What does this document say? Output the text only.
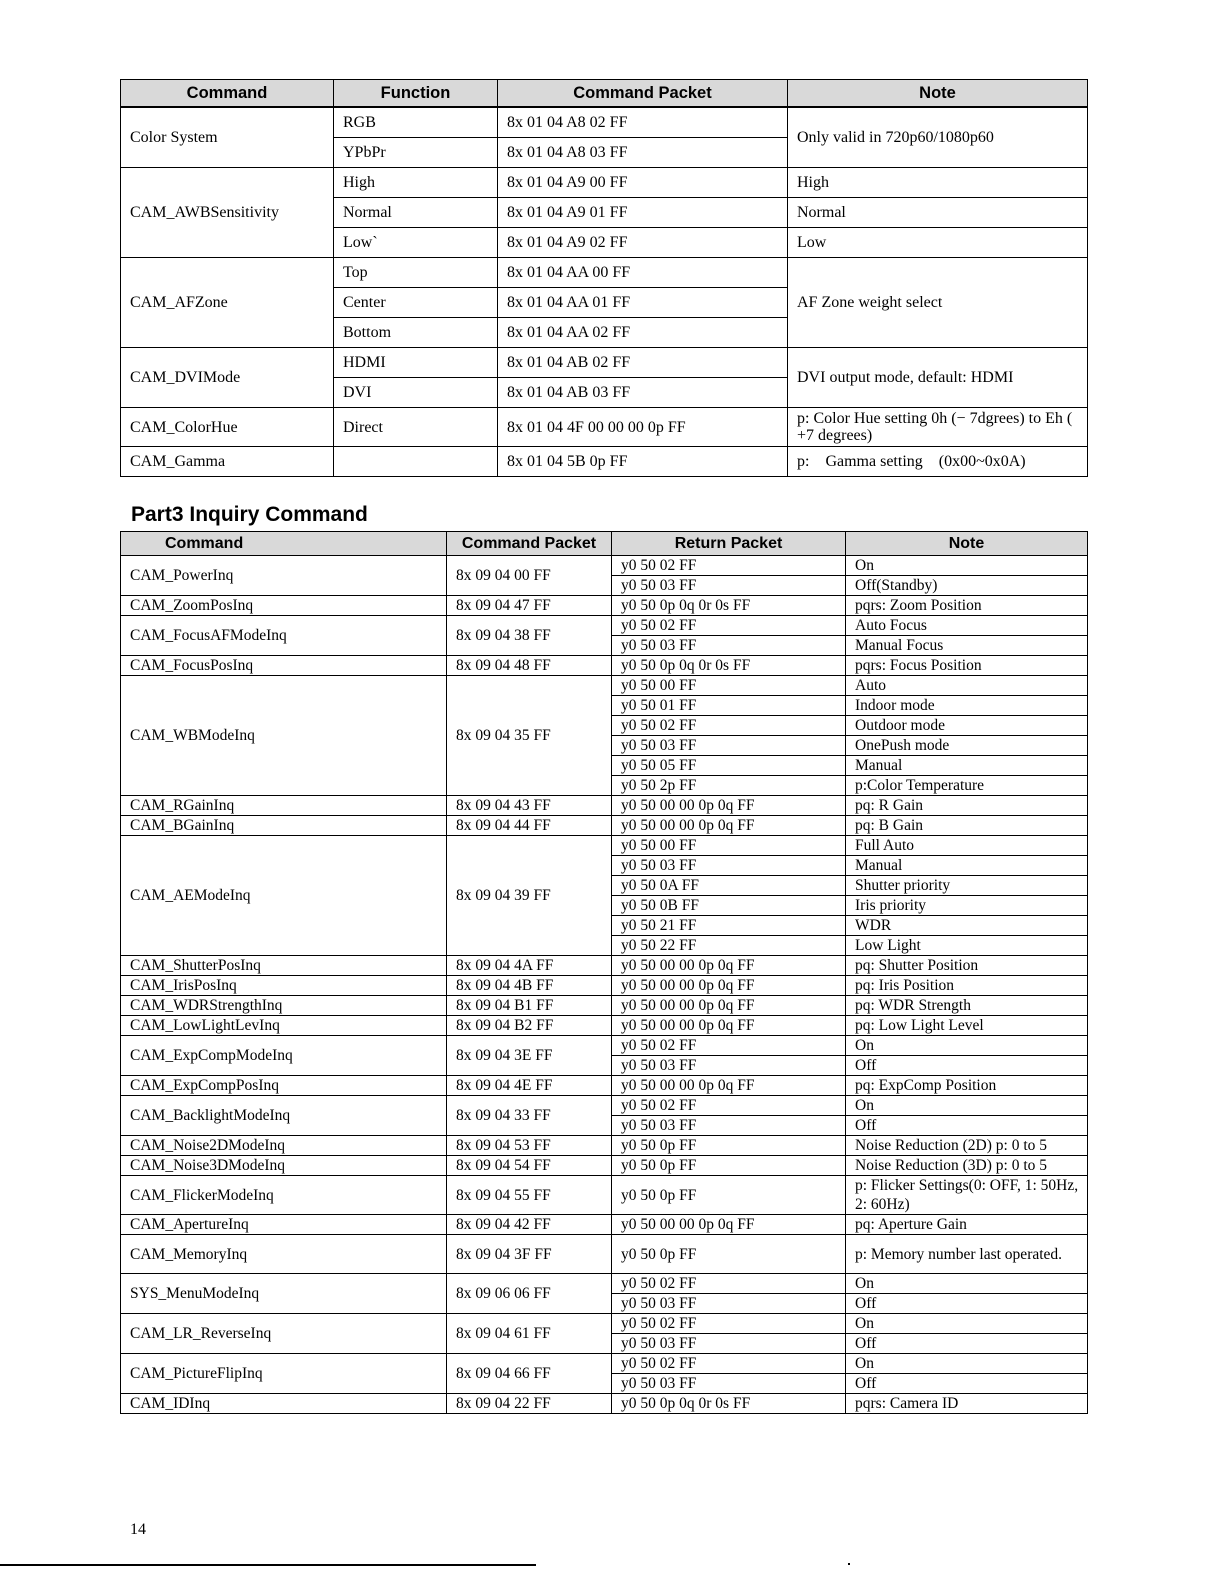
Command	Function	Command Packet	Note
Color System	RGB	8x 01 04 A8 02 FF	Only valid in 720p60/1080p60
	YPbPr	8x 01 04 A8 03 FF	
CAM_AWBSensitivity	High	8x 01 04 A9 00 FF	High
	Normal	8x 01 04 A9 01 FF	Normal
	Low`	8x 01 04 A9 02 FF	Low
CAM_AFZone	Top	8x 01 04 AA 00 FF	AF Zone weight select
	Center	8x 01 04 AA 01 FF	
	Bottom	8x 01 04 AA 02 FF	
CAM_DVIMode	HDMI	8x 01 04 AB 02 FF	DVI output mode, default: HDMI
	DVI	8x 01 04 AB 03 FF	
CAM_ColorHue	Direct	8x 01 04 4F 00 00 00 0p FF	p: Color Hue setting 0h (− 7dgrees) to Eh ( +7 degrees)
CAM_Gamma		8x 01 04 5B 0p FF	p:    Gamma setting    (0x00~0x0A)
Part3 Inquiry Command
Command	Command Packet	Return Packet	Note
CAM_PowerInq	8x 09 04 00 FF	y0 50 02 FF	On
		y0 50 03 FF	Off(Standby)
CAM_ZoomPosInq	8x 09 04 47 FF	y0 50 0p 0q 0r 0s FF	pqrs: Zoom Position
CAM_FocusAFModeInq	8x 09 04 38 FF	y0 50 02 FF	Auto Focus
		y0 50 03 FF	Manual Focus
CAM_FocusPosInq	8x 09 04 48 FF	y0 50 0p 0q 0r 0s FF	pqrs: Focus Position
CAM_WBModeInq	8x 09 04 35 FF	y0 50 00 FF	Auto
		y0 50 01 FF	Indoor mode
		y0 50 02 FF	Outdoor mode
		y0 50 03 FF	OnePush mode
		y0 50 05 FF	Manual
		y0 50 2p FF	p:Color Temperature
CAM_RGainInq	8x 09 04 43 FF	y0 50 00 00 0p 0q FF	pq: R Gain
CAM_BGainInq	8x 09 04 44 FF	y0 50 00 00 0p 0q FF	pq: B Gain
CAM_AEModeInq	8x 09 04 39 FF	y0 50 00 FF	Full Auto
		y0 50 03 FF	Manual
		y0 50 0A FF	Shutter priority
		y0 50 0B FF	Iris priority
		y0 50 21 FF	WDR
		y0 50 22 FF	Low Light
CAM_ShutterPosInq	8x 09 04 4A FF	y0 50 00 00 0p 0q FF	pq: Shutter Position
CAM_IrisPosInq	8x 09 04 4B FF	y0 50 00 00 0p 0q FF	pq: Iris Position
CAM_WDRStrengthInq	8x 09 04 B1 FF	y0 50 00 00 0p 0q FF	pq: WDR Strength
CAM_LowLightLevInq	8x 09 04 B2 FF	y0 50 00 00 0p 0q FF	pq: Low Light Level
CAM_ExpCompModeInq	8x 09 04 3E FF	y0 50 02 FF	On
		y0 50 03 FF	Off
CAM_ExpCompPosInq	8x 09 04 4E FF	y0 50 00 00 0p 0q FF	pq: ExpComp Position
CAM_BacklightModeInq	8x 09 04 33 FF	y0 50 02 FF	On
		y0 50 03 FF	Off
CAM_Noise2DModeInq	8x 09 04 53 FF	y0 50 0p FF	Noise Reduction (2D) p: 0 to 5
CAM_Noise3DModeInq	8x 09 04 54 FF	y0 50 0p FF	Noise Reduction (3D) p: 0 to 5
CAM_FlickerModeInq	8x 09 04 55 FF	y0 50 0p FF	p: Flicker Settings(0: OFF, 1: 50Hz, 2: 60Hz)
CAM_ApertureInq	8x 09 04 42 FF	y0 50 00 00 0p 0q FF	pq: Aperture Gain
CAM_MemoryInq	8x 09 04 3F FF	y0 50 0p FF	p: Memory number last operated.
SYS_MenuModeInq	8x 09 06 06 FF	y0 50 02 FF	On
		y0 50 03 FF	Off
CAM_LR_ReverseInq	8x 09 04 61 FF	y0 50 02 FF	On
		y0 50 03 FF	Off
CAM_PictureFlipInq	8x 09 04 66 FF	y0 50 02 FF	On
		y0 50 03 FF	Off
CAM_IDInq	8x 09 04 22 FF	y0 50 0p 0q 0r 0s FF	pqrs: Camera ID
14
